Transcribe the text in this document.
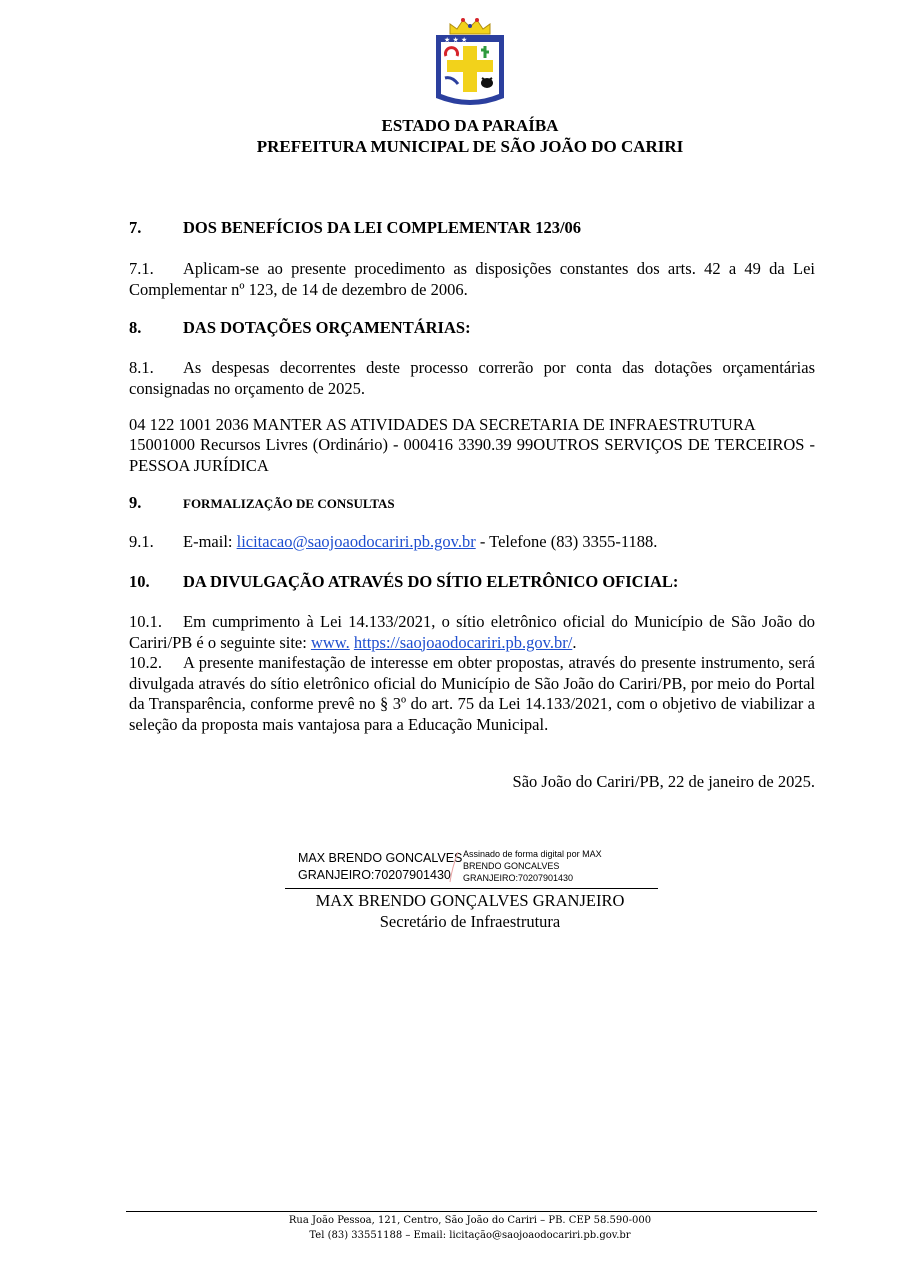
★ ★ ★
ESTADO DA PARAÍBA
PREFEITURA MUNICIPAL DE SÃO JOÃO DO CARIRI
7.	DOS BENEFÍCIOS DA LEI COMPLEMENTAR 123/06
7.1. Aplicam-se ao presente procedimento as disposições constantes dos arts. 42 a 49 da Lei Complementar nº 123, de 14 de dezembro de 2006.
8.	DAS DOTAÇÕES ORÇAMENTÁRIAS:
8.1. As despesas decorrentes deste processo correrão por conta das dotações orçamentárias consignadas no orçamento de 2025.
04 122 1001 2036 MANTER AS ATIVIDADES DA SECRETARIA DE INFRAESTRUTURA
15001000 Recursos Livres (Ordinário) - 000416 3390.39 99OUTROS SERVIÇOS DE TERCEIROS - PESSOA JURÍDICA
9.	FORMALIZAÇÃO DE CONSULTAS
9.1. E-mail: licitacao@saojoaodocariri.pb.gov.br - Telefone (83) 3355-1188.
10. DA DIVULGAÇÃO ATRAVÉS DO SÍTIO ELETRÔNICO OFICIAL:
10.1. Em cumprimento à Lei 14.133/2021, o sítio eletrônico oficial do Município de São João do Cariri/PB é o seguinte site: www. https://saojoaodocariri.pb.gov.br/.
10.2. A presente manifestação de interesse em obter propostas, através do presente instrumento, será divulgada através do sítio eletrônico oficial do Município de São João do Cariri/PB, por meio do Portal da Transparência, conforme prevê no § 3º do art. 75 da Lei 14.133/2021, com o objetivo de viabilizar a seleção da proposta mais vantajosa para a Educação Municipal.
São João do Cariri/PB, 22 de janeiro de 2025.
MAX BRENDO GONCALVES
GRANJEIRO:70207901430
Assinado de forma digital por MAX
BRENDO GONCALVES
GRANJEIRO:70207901430
MAX BRENDO GONÇALVES GRANJEIRO
Secretário de Infraestrutura
Rua João Pessoa, 121, Centro, São João do Cariri – PB. CEP 58.590-000
Tel (83) 33551188 – Email: licitação@saojoaodocariri.pb.gov.br
